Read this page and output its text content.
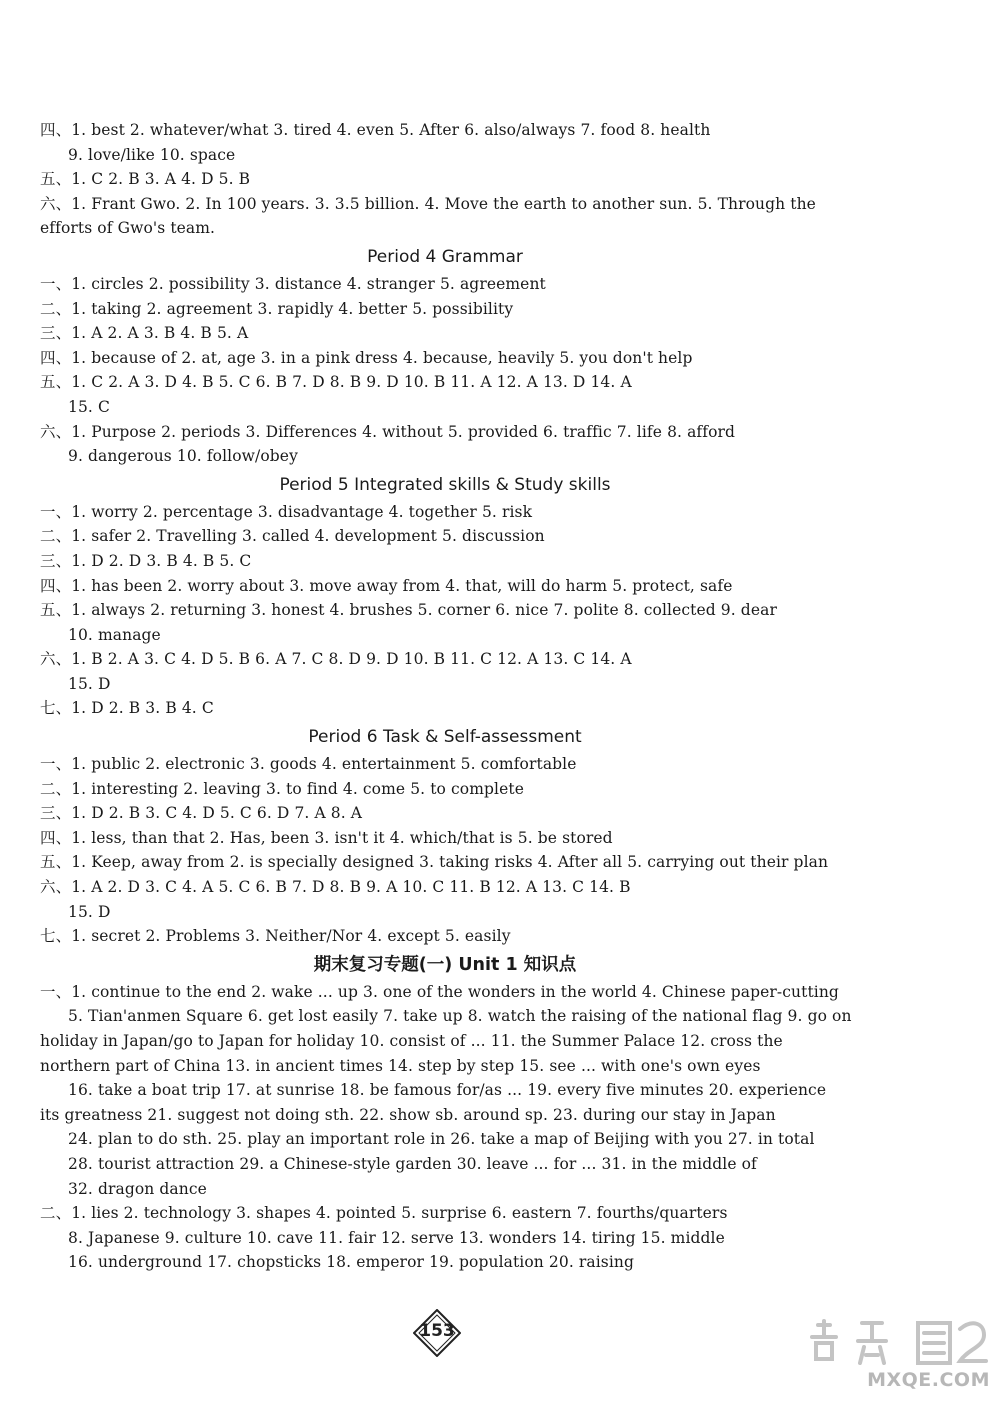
四、1. best 2. whatever/what 3. tired 4. even 5. After 6. also/always 7. food 8. health
9. love/like 10. space
五、1. C 2. B 3. A 4. D 5. B
六、1. Frant Gwo. 2. In 100 years. 3. 3.5 billion. 4. Move the earth to another sun. 5. Through the
efforts of Gwo's team.
Period 4 Grammar
一、1. circles 2. possibility 3. distance 4. stranger 5. agreement
二、1. taking 2. agreement 3. rapidly 4. better 5. possibility
三、1. A 2. A 3. B 4. B 5. A
四、1. because of 2. at, age 3. in a pink dress 4. because, heavily 5. you don't help
五、1. C 2. A 3. D 4. B 5. C 6. B 7. D 8. B 9. D 10. B 11. A 12. A 13. D 14. A
15. C
六、1. Purpose 2. periods 3. Differences 4. without 5. provided 6. traffic 7. life 8. afford
9. dangerous 10. follow/obey
Period 5 Integrated skills & Study skills
一、1. worry 2. percentage 3. disadvantage 4. together 5. risk
二、1. safer 2. Travelling 3. called 4. development 5. discussion
三、1. D 2. D 3. B 4. B 5. C
四、1. has been 2. worry about 3. move away from 4. that, will do harm 5. protect, safe
五、1. always 2. returning 3. honest 4. brushes 5. corner 6. nice 7. polite 8. collected 9. dear
10. manage
六、1. B 2. A 3. C 4. D 5. B 6. A 7. C 8. D 9. D 10. B 11. C 12. A 13. C 14. A
15. D
七、1. D 2. B 3. B 4. C
Period 6 Task & Self-assessment
一、1. public 2. electronic 3. goods 4. entertainment 5. comfortable
二、1. interesting 2. leaving 3. to find 4. come 5. to complete
三、1. D 2. B 3. C 4. D 5. C 6. D 7. A 8. A
四、1. less, than that 2. Has, been 3. isn't it 4. which/that is 5. be stored
五、1. Keep, away from 2. is specially designed 3. taking risks 4. After all 5. carrying out their plan
六、1. A 2. D 3. C 4. A 5. C 6. B 7. D 8. B 9. A 10. C 11. B 12. A 13. C 14. B
15. D
七、1. secret 2. Problems 3. Neither/Nor 4. except 5. easily
期末复习专题(一) Unit 1 知识点
一、1. continue to the end 2. wake ... up 3. one of the wonders in the world 4. Chinese paper-cutting
5. Tian'anmen Square 6. get lost easily 7. take up 8. watch the raising of the national flag 9. go on
holiday in Japan/go to Japan for holiday 10. consist of ... 11. the Summer Palace 12. cross the
northern part of China 13. in ancient times 14. step by step 15. see ... with one's own eyes
16. take a boat trip 17. at sunrise 18. be famous for/as ... 19. every five minutes 20. experience
its greatness 21. suggest not doing sth. 22. show sb. around sp. 23. during our stay in Japan
24. plan to do sth. 25. play an important role in 26. take a map of Beijing with you 27. in total
28. tourist attraction 29. a Chinese-style garden 30. leave ... for ... 31. in the middle of
32. dragon dance
二、1. lies 2. technology 3. shapes 4. pointed 5. surprise 6. eastern 7. fourths/quarters
8. Japanese 9. culture 10. cave 11. fair 12. serve 13. wonders 14. tiring 15. middle
16. underground 17. chopsticks 18. emperor 19. population 20. raising
153
MXQE.COM
